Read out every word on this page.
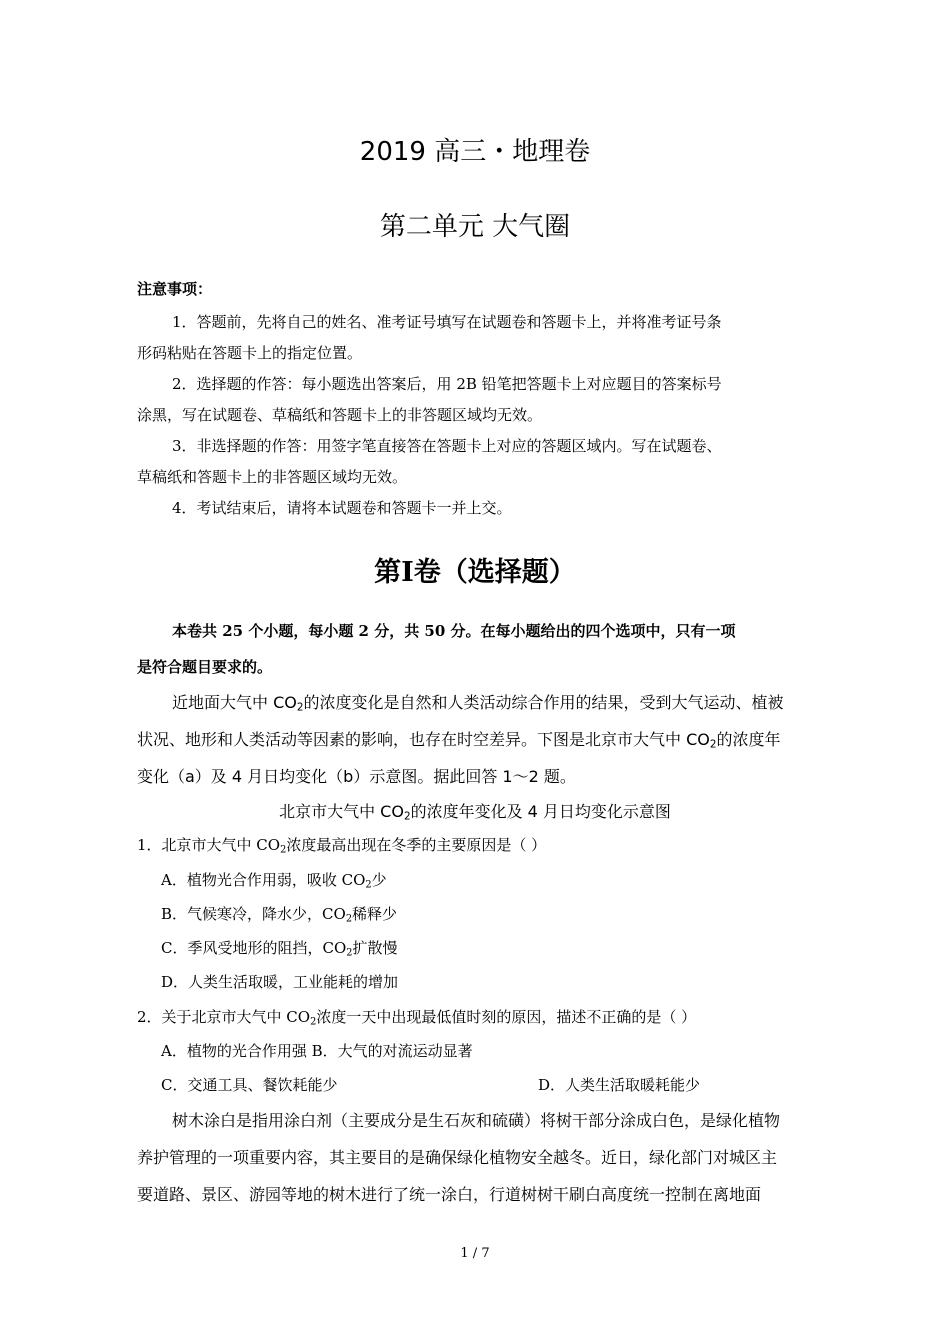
2019 高三・地理卷
第二单元 大气圈
注意事项：
1．答题前，先将自己的姓名、准考证号填写在试题卷和答题卡上，并将准考证号条
形码粘贴在答题卡上的指定位置。
2．选择题的作答：每小题选出答案后，用 2B 铅笔把答题卡上对应题目的答案标号
涂黑，写在试题卷、草稿纸和答题卡上的非答题区域均无效。
3．非选择题的作答：用签字笔直接答在答题卡上对应的答题区域内。写在试题卷、
草稿纸和答题卡上的非答题区域均无效。
4．考试结束后，请将本试题卷和答题卡一并上交。
第Ⅰ卷（选择题）
本卷共 25 个小题，每小题 2 分，共 50 分。在每小题给出的四个选项中，只有一项
是符合题目要求的。
近地面大气中 $CO_2$的浓度变化是自然和人类活动综合作用的结果，受到大气运动、植被
状况、地形和人类活动等因素的影响，也存在时空差异。下图是北京市大气中 $CO_2$的浓度年
变化（a）及 4 月日均变化（b）示意图。据此回答 1～2 题。
北京市大气中 $CO_2$的浓度年变化及 4 月日均变化示意图
1．北京市大气中 $CO_2$浓度最高出现在冬季的主要原因是（ ）
A．植物光合作用弱，吸收 $CO_2$少
B．气候寒冷，降水少，$CO_2$稀释少
C．季风受地形的阻挡，$CO_2$扩散慢
D．人类生活取暖，工业能耗的增加
2．关于北京市大气中 $CO_2$浓度一天中出现最低值时刻的原因，描述不正确的是（ ）
A．植物的光合作用强 B．大气的对流运动显著
C．交通工具、餐饮耗能少	D．人类生活取暖耗能少
树木涂白是指用涂白剂（主要成分是生石灰和硫磺）将树干部分涂成白色，是绿化植物
养护管理的一项重要内容，其主要目的是确保绿化植物安全越冬。近日，绿化部门对城区主
要道路、景区、游园等地的树木进行了统一涂白，行道树树干刷白高度统一控制在离地面
1 / 7
